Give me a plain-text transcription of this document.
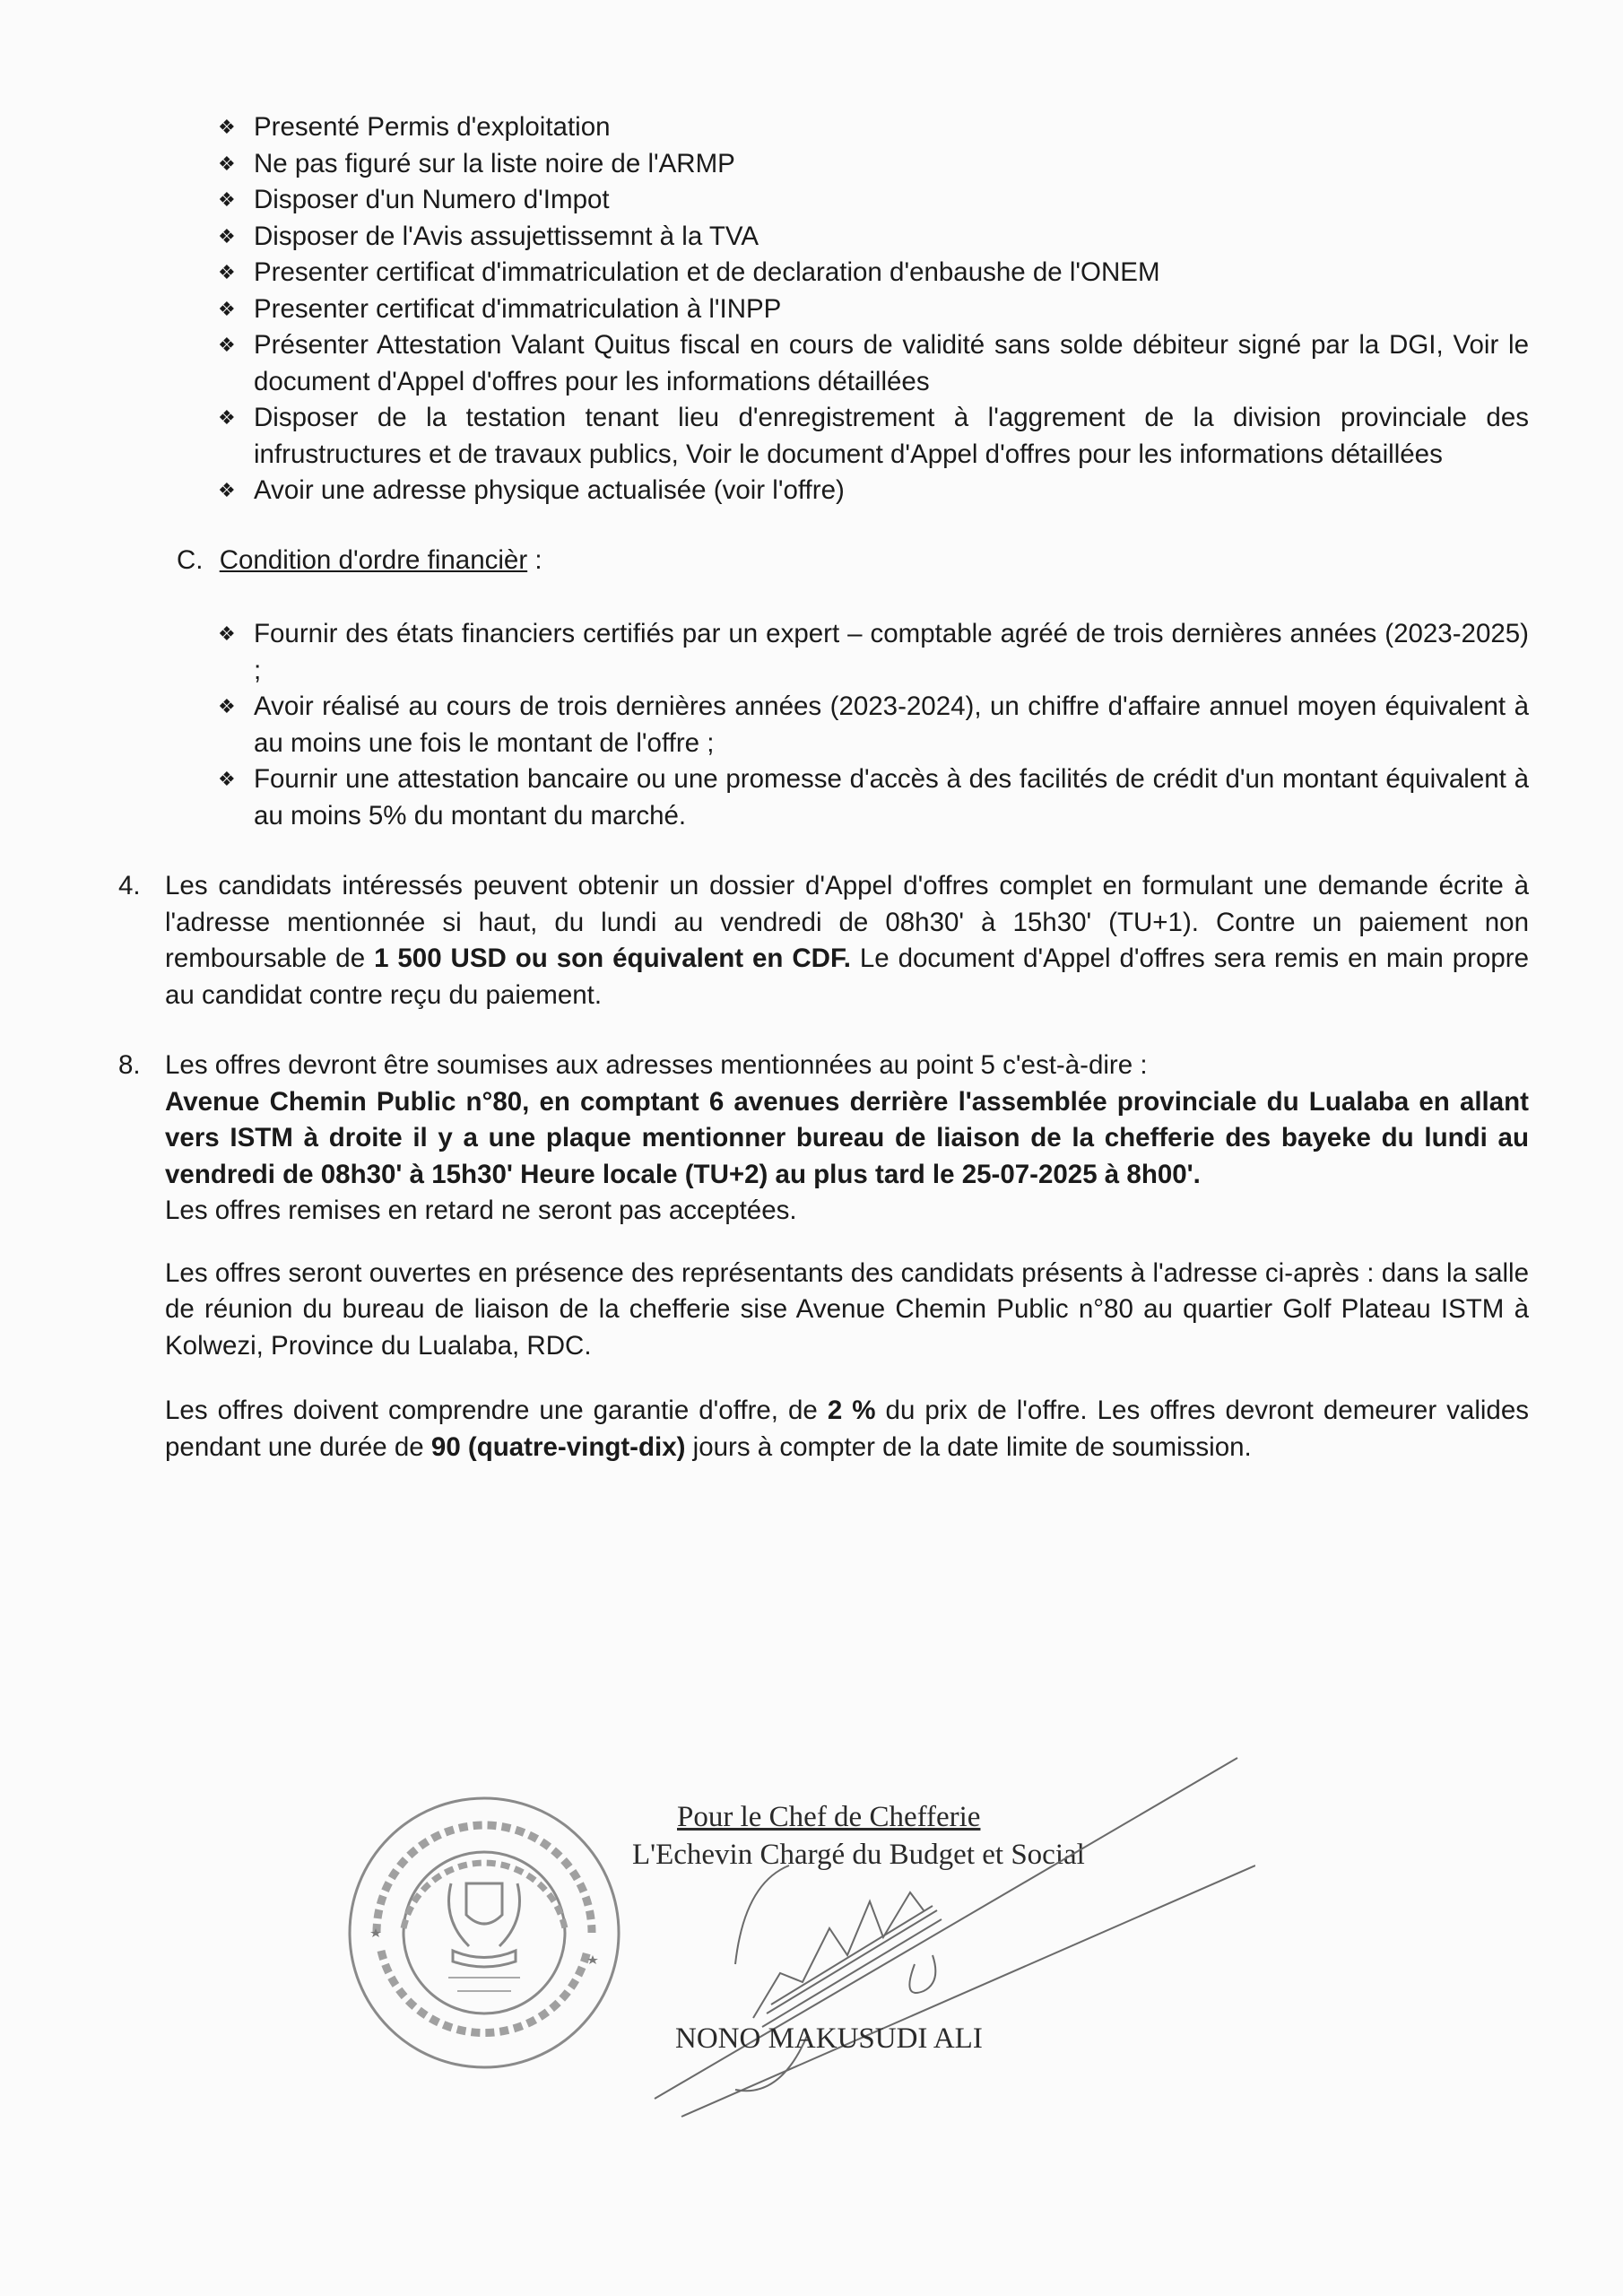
❖ Presenté Permis d'exploitation
❖ Ne pas figuré sur la liste noire de l'ARMP
❖ Disposer d'un Numero d'Impot
❖ Disposer de l'Avis assujettissemnt à la TVA
❖ Presenter certificat d'immatriculation et de declaration d'enbaushe de l'ONEM
❖ Presenter certificat d'immatriculation à l'INPP
❖ Présenter Attestation Valant Quitus fiscal en cours de validité sans solde débiteur signé par la DGI, Voir le document d'Appel d'offres pour les informations détaillées
❖ Disposer de la testation tenant lieu d'enregistrement à l'aggrement de la division provinciale des infrustructures et de travaux publics, Voir le document d'Appel d'offres pour les informations détaillées
❖ Avoir une adresse physique actualisée (voir l'offre)
C. Condition d'ordre financièr :
❖ Fournir des états financiers certifiés par un expert – comptable agréé de trois dernières années (2023-2025) ;
❖ Avoir réalisé au cours de trois dernières années (2023-2024), un chiffre d'affaire annuel moyen équivalent à au moins une fois le montant de l'offre ;
❖ Fournir une attestation bancaire ou une promesse d'accès à des facilités de crédit d'un montant équivalent à au moins 5% du montant du marché.
4. Les candidats intéressés peuvent obtenir un dossier d'Appel d'offres complet en formulant une demande écrite à l'adresse mentionnée si haut, du lundi au vendredi de 08h30' à 15h30' (TU+1). Contre un paiement non remboursable de 1 500 USD ou son équivalent en CDF. Le document d'Appel d'offres sera remis en main propre au candidat contre reçu du paiement.
8. Les offres devront être soumises aux adresses mentionnées au point 5 c'est-à-dire :
Avenue Chemin Public n°80, en comptant 6 avenues derrière l'assemblée provinciale du Lualaba en allant vers ISTM à droite il y a une plaque mentionner bureau de liaison de la chefferie des bayeke du lundi au vendredi de 08h30' à 15h30' Heure locale (TU+2) au plus tard le 25-07-2025 à 8h00'.
Les offres remises en retard ne seront pas acceptées.

Les offres seront ouvertes en présence des représentants des candidats présents à l'adresse ci-après : dans la salle de réunion du bureau de liaison de la chefferie sise Avenue Chemin Public n°80 au quartier Golf Plateau ISTM à Kolwezi, Province du Lualaba, RDC.

Les offres doivent comprendre une garantie d'offre, de 2 % du prix de l'offre. Les offres devront demeurer valides pendant une durée de 90 (quatre-vingt-dix) jours à compter de la date limite de soumission.

Pour le Chef de Chefferie
L'Echevin Chargé du Budget et Social
NONO MAKUSUDI ALI
